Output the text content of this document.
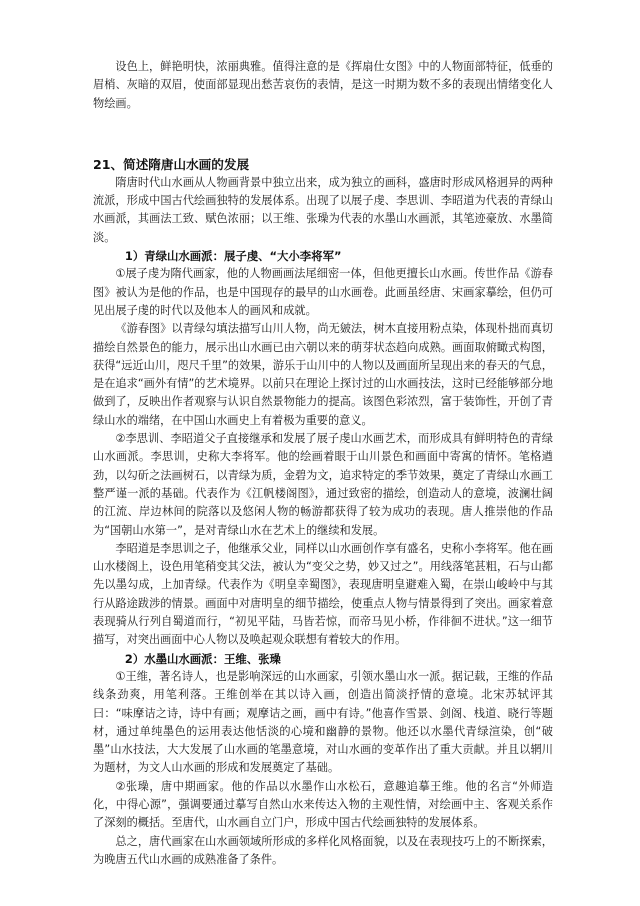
设色上，鲜艳明快，浓丽典雅。值得注意的是《挥扇仕女图》中的人物面部特征，低垂的眉梢、灰暗的双眉，使面部显现出愁苦哀伤的表情，是这一时期为数不多的表现出情绪变化人物绘画。

21、简述隋唐山水画的发展

隋唐时代山水画从人物画背景中独立出来，成为独立的画科，盛唐时形成风格迥异的两种流派，形成中国古代绘画独特的发展体系。出现了以展子虔、李思训、李昭道为代表的青绿山水画派，其画法工致、赋色浓丽；以王维、张璪为代表的水墨山水画派，其笔迹豪放、水墨简淡。

1）青绿山水画派：展子虔、“大小李将军”

①展子虔为隋代画家，他的人物画画法尾细密一体，但他更擅长山水画。传世作品《游春图》被认为是他的作品，也是中国现存的最早的山水画卷。此画虽经唐、宋画家摹绘，但仍可见出展子虔的时代以及他本人的画风和成就。

《游春图》以青绿勾填法描写山川人物，尚无皴法，树木直接用粉点染，体现朴拙而真切描绘自然景色的能力，展示出山水画已由六朝以来的萌芽状态趋向成熟。画面取俯瞰式构图，获得“远近山川，咫尺千里”的效果，游乐于山川中的人物以及画面所呈现出来的春天的气息，是在追求“画外有情”的艺术境界。以前只在理论上探讨过的山水画技法，这时已经能够部分地做到了，反映出作者观察与认识自然景物能力的提高。该图色彩浓烈，富于装饰性，开创了青绿山水的端绪，在中国山水画史上有着极为重要的意义。

②李思训、李昭道父子直接继承和发展了展子虔山水画艺术，而形成具有鲜明特色的青绿山水画派。李思训，史称大李将军。他的绘画着眼于山川景色和画面中寄寓的情怀。笔格遒劲，以勾斫之法画树石，以青绿为质，金碧为文，追求特定的季节效果，奠定了青绿山水画工整严谨一派的基础。代表作为《江帆楼阁图》，通过致密的描绘，创造动人的意境，波澜壮阔的江流、岸边林间的院落以及悠闲人物的畅游都获得了较为成功的表现。唐人推崇他的作品为“国朝山水第一”，是对青绿山水在艺术上的继续和发展。

李昭道是李思训之子，他继承父业，同样以山水画创作享有盛名，史称小李将军。他在画山水楼阁上，设色用笔稍变其父法，被认为“变父之势，妙又过之”。用线落笔甚粗，石与山都先以墨勾成，上加青绿。代表作为《明皇幸蜀图》，表现唐明皇避难入蜀，在崇山峻岭中与其行从路途跋涉的情景。画面中对唐明皇的细节描绘，使重点人物与情景得到了突出。画家着意表现骑从行列自蜀道而行，“初见平陆，马皆若惊，而帝马见小桥，作徘徊不进状。”这一细节描写，对突出画面中心人物以及唤起观众联想有着较大的作用。

2）水墨山水画派：王维、张璪

①王维，著名诗人，也是影响深远的山水画家，引领水墨山水一派。据记载，王维的作品线条劲爽，用笔利落。王维创举在其以诗入画，创造出简淡抒情的意境。北宋苏轼评其曰：“味摩诘之诗，诗中有画；观摩诘之画，画中有诗。”他喜作雪景、剑阁、栈道、晓行等题材，通过单纯墨色的运用表达他恬淡的心境和幽静的景物。他还以水墨代青绿渲染，创“破墨”山水技法，大大发展了山水画的笔墨意境，对山水画的变革作出了重大贡献。并且以辋川为题材，为文人山水画的形成和发展奠定了基础。

②张璪，唐中期画家。他的作品以水墨作山水松石，意趣追摹王维。他的名言“外师造化，中得心源”，强调要通过摹写自然山水来传达入物的主观性情，对绘画中主、客观关系作了深刻的概括。至唐代，山水画自立门户，形成中国古代绘画独特的发展体系。

总之，唐代画家在山水画领域所形成的多样化风格面貌，以及在表现技巧上的不断探索，为晚唐五代山水画的成熟准备了条件。
